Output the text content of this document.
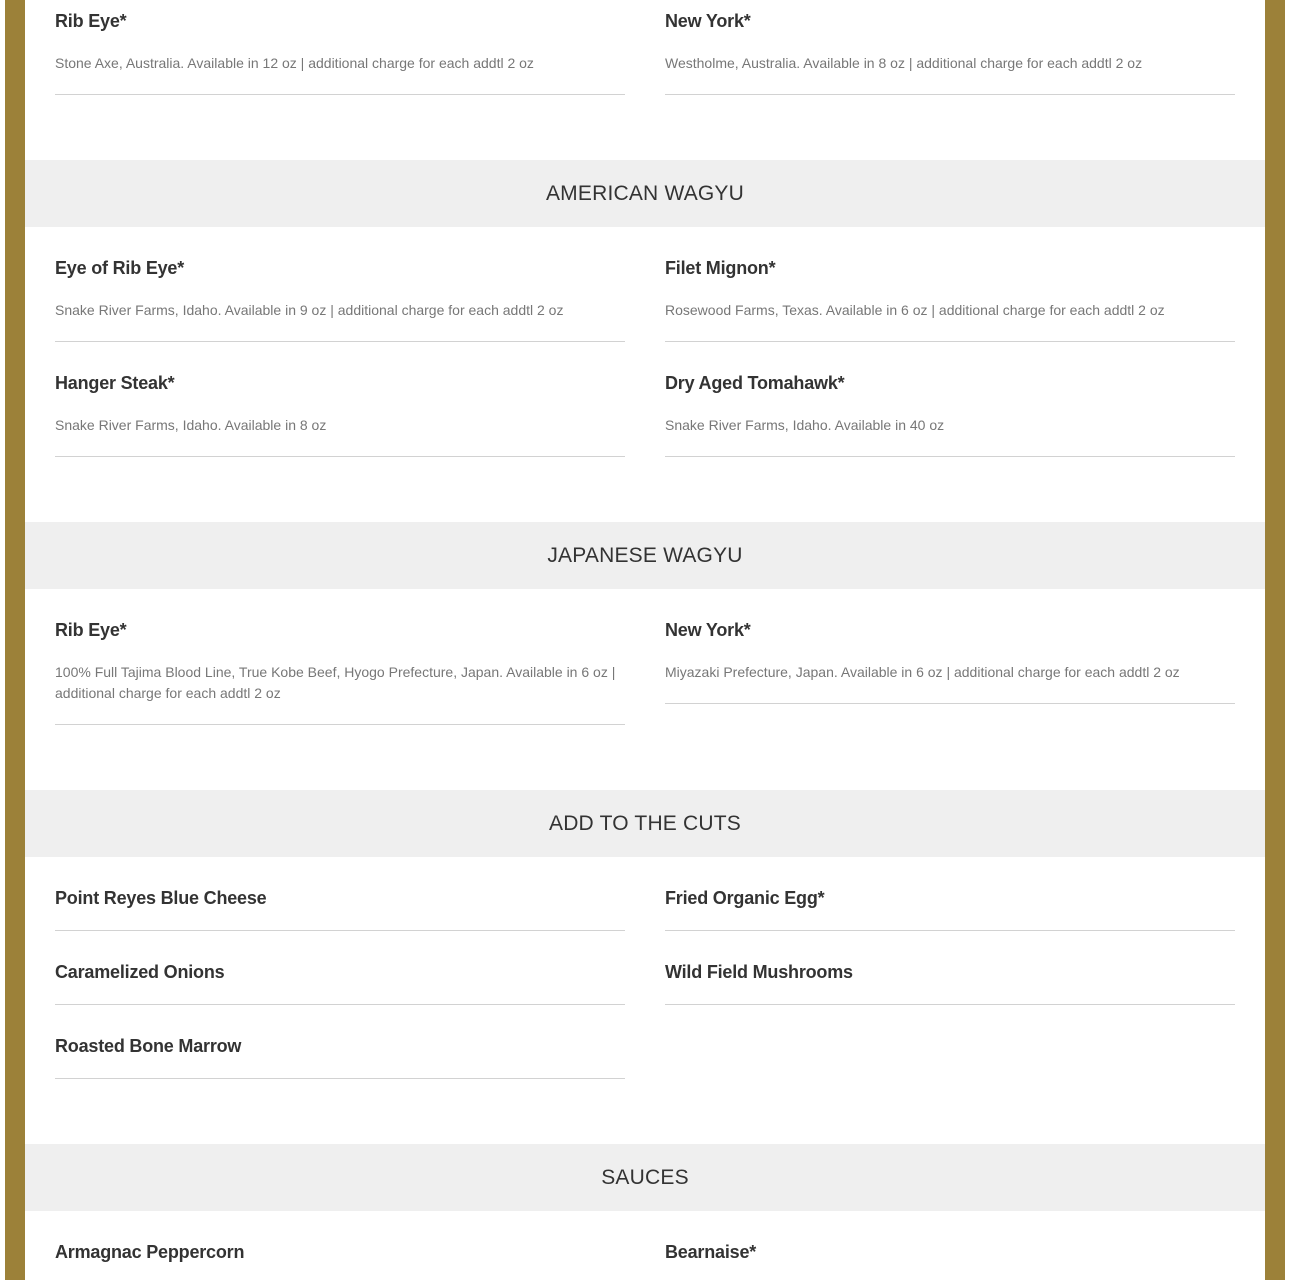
Rib Eye*
Stone Axe, Australia. Available in 12 oz | additional charge for each addtl 2 oz
New York*
Westholme, Australia. Available in 8 oz | additional charge for each addtl 2 oz
AMERICAN WAGYU
Eye of Rib Eye*
Snake River Farms, Idaho. Available in 9 oz | additional charge for each addtl 2 oz
Filet Mignon*
Rosewood Farms, Texas. Available in 6 oz | additional charge for each addtl 2 oz
Hanger Steak*
Snake River Farms, Idaho. Available in 8 oz
Dry Aged Tomahawk*
Snake River Farms, Idaho. Available in 40 oz
JAPANESE WAGYU
Rib Eye*
100% Full Tajima Blood Line, True Kobe Beef, Hyogo Prefecture, Japan. Available in 6 oz | additional charge for each addtl 2 oz
New York*
Miyazaki Prefecture, Japan. Available in 6 oz | additional charge for each addtl 2 oz
ADD TO THE CUTS
Point Reyes Blue Cheese	Fried Organic Egg*
Caramelized Onions	Wild Field Mushrooms
Roasted Bone Marrow
SAUCES
Armagnac Peppercorn	Bearnaise*
